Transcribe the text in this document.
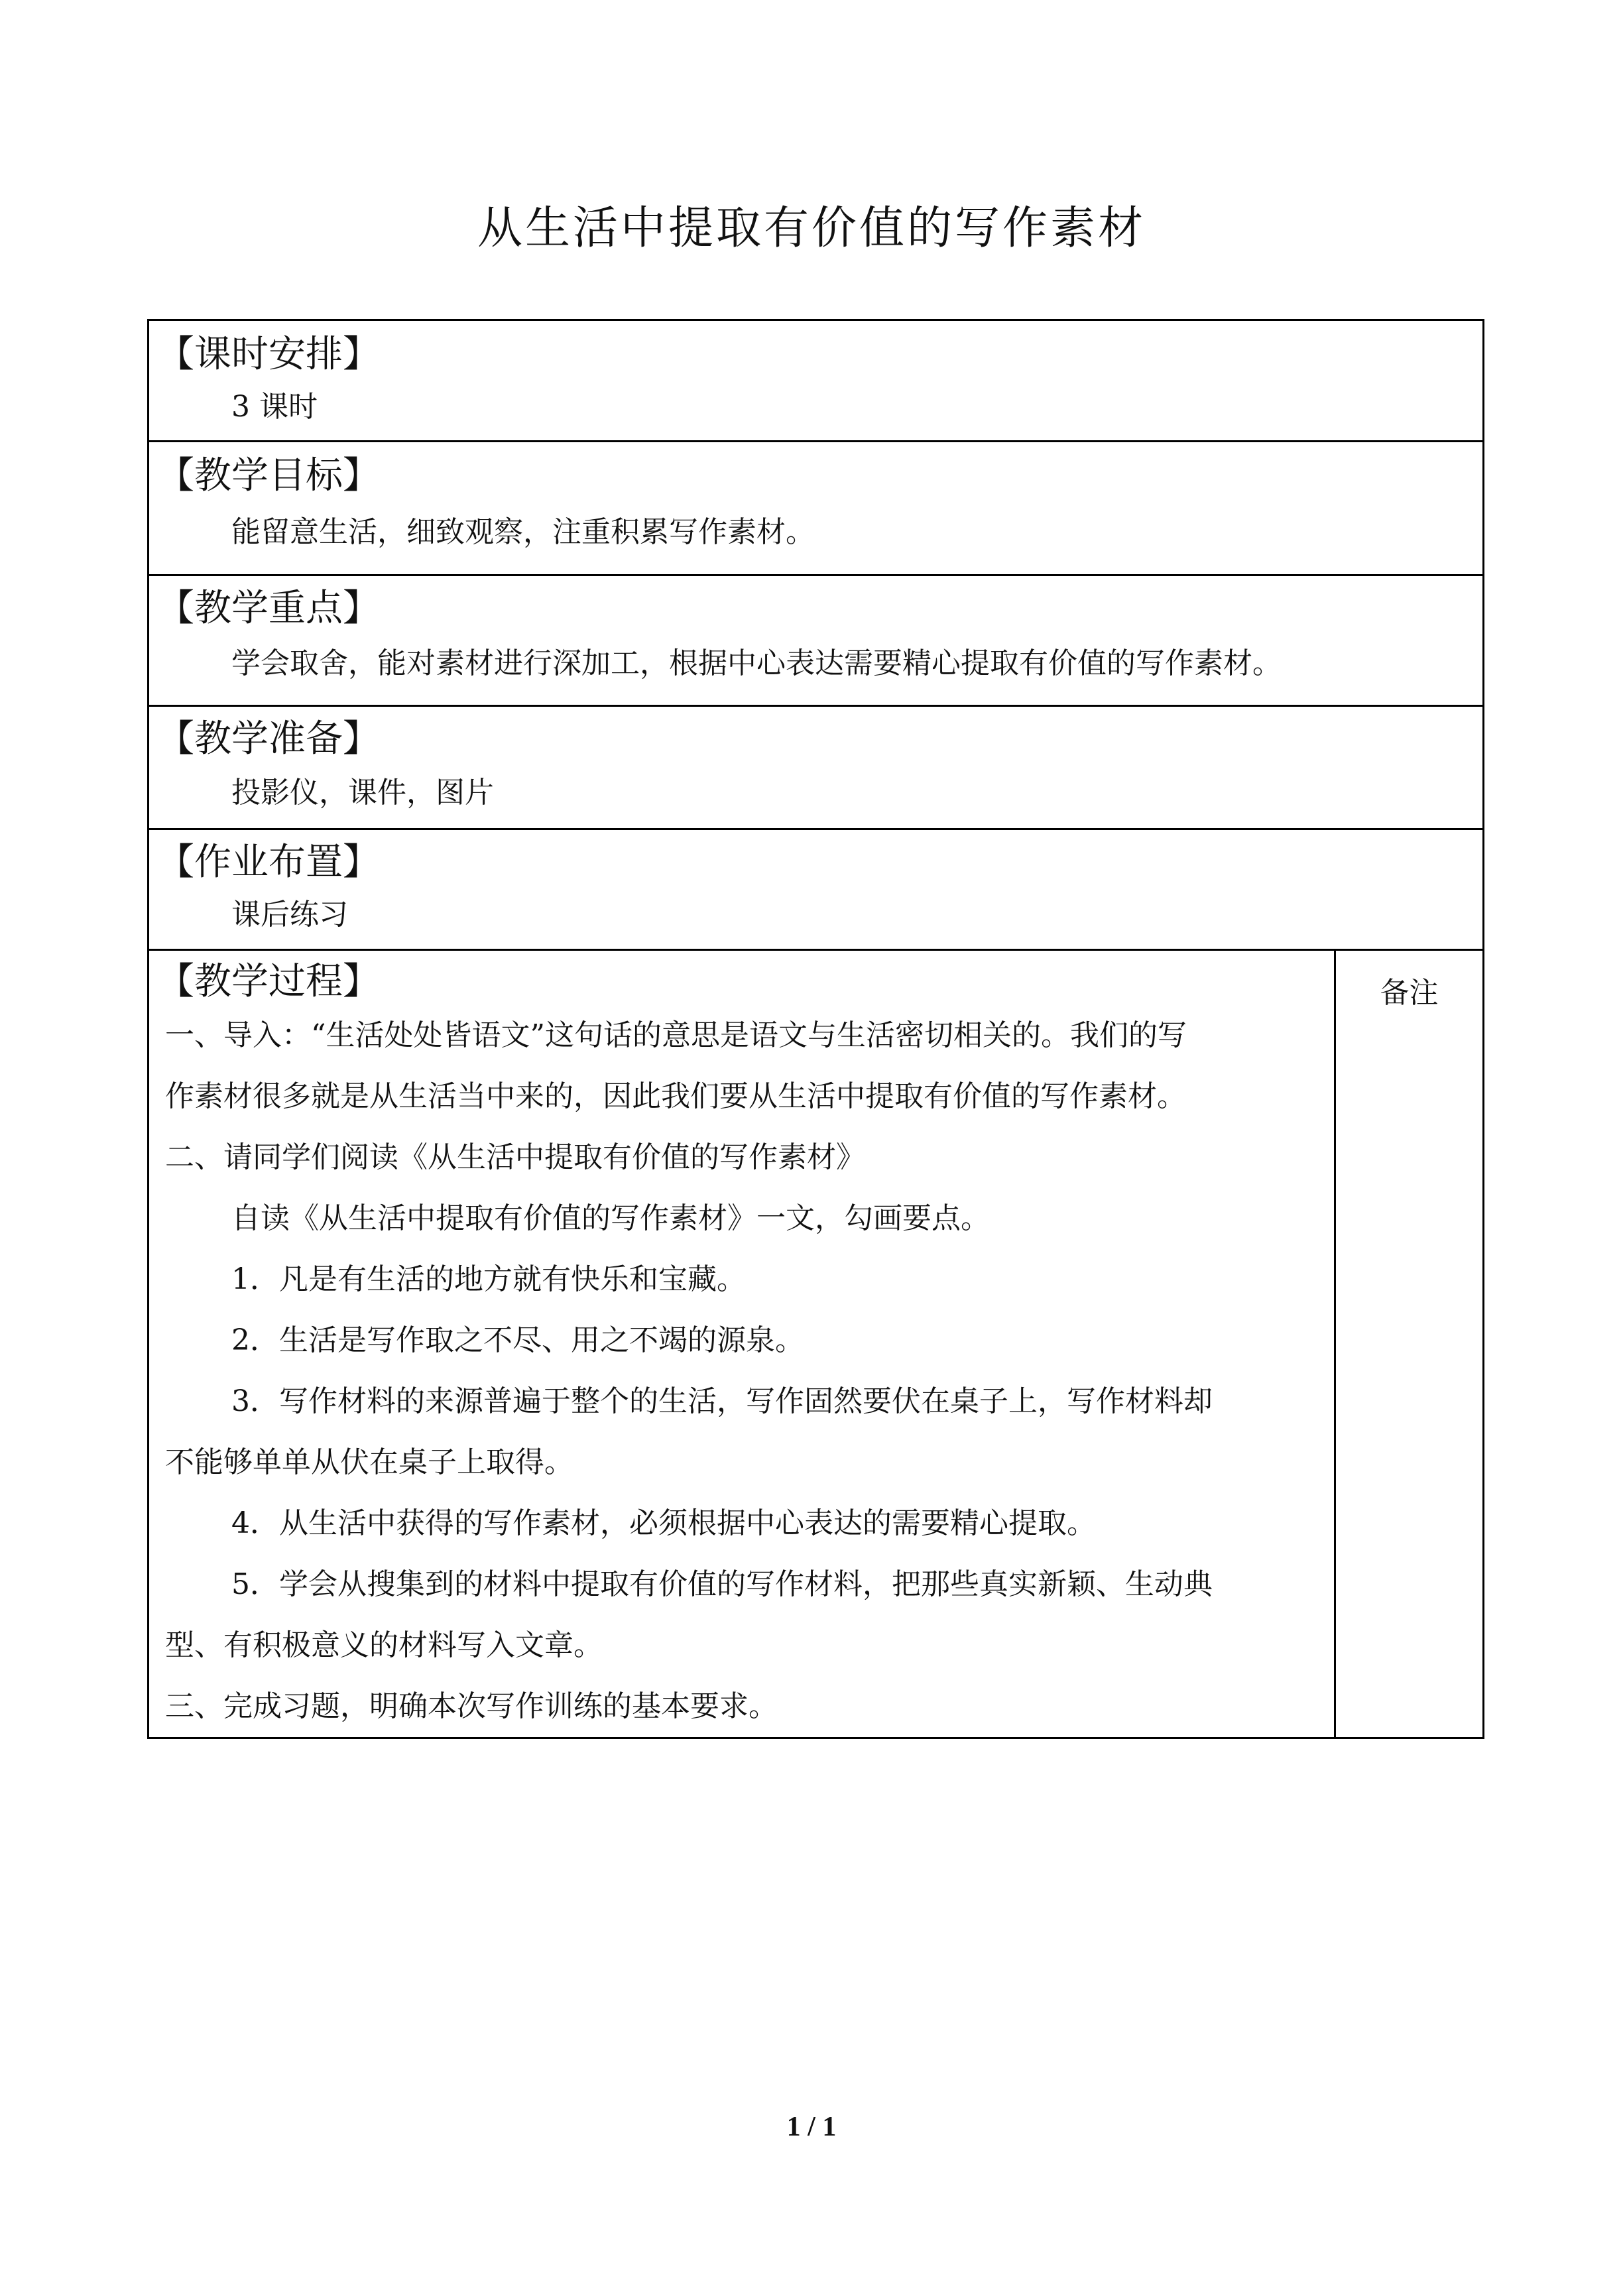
从生活中提取有价值的写作素材
【课时安排】
3 课时

【教学目标】
能留意生活，细致观察，注重积累写作素材。

【教学重点】
学会取舍，能对素材进行深加工，根据中心表达需要精心提取有价值的写作素材。

【教学准备】
投影仪，课件，图片

【作业布置】
课后练习

【教学过程】
一、导入：“生活处处皆语文”这句话的意思是语文与生活密切相关的。我们的写
作素材很多就是从生活当中来的，因此我们要从生活中提取有价值的写作素材。
二、请同学们阅读《从生活中提取有价值的写作素材》
自读《从生活中提取有价值的写作素材》一文，勾画要点。
1．凡是有生活的地方就有快乐和宝藏。
2．生活是写作取之不尽、用之不竭的源泉。
3．写作材料的来源普遍于整个的生活，写作固然要伏在桌子上，写作材料却
不能够单单从伏在桌子上取得。
4．从生活中获得的写作素材，必须根据中心表达的需要精心提取。
5．学会从搜集到的材料中提取有价值的写作材料，把那些真实新颖、生动典
型、有积极意义的材料写入文章。
三、完成习题，明确本次写作训练的基本要求。
	备注
1 / 1
